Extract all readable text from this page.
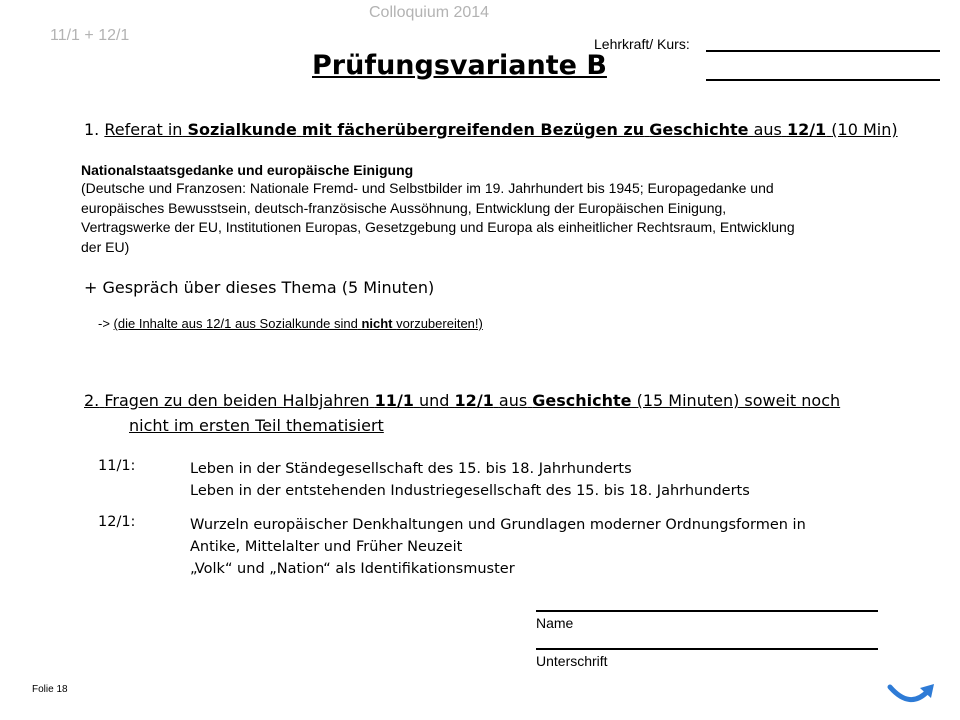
Colloquium 2014
11/1 + 12/1
Prüfungsvariante B
Lehrkraft/ Kurs:
1. Referat in Sozialkunde mit fächerübergreifenden Bezügen zu Geschichte aus 12/1 (10 Min)
Nationalstaatsgedanke und europäische Einigung
(Deutsche und Franzosen: Nationale Fremd- und Selbstbilder im 19. Jahrhundert bis 1945; Europagedanke und
europäisches Bewusstsein, deutsch-französische Aussöhnung, Entwicklung der Europäischen Einigung,
Vertragswerke der EU, Institutionen Europas, Gesetzgebung und Europa als einheitlicher Rechtsraum, Entwicklung
der EU)
+ Gespräch über dieses Thema (5 Minuten)
-> (die Inhalte aus 12/1 aus Sozialkunde sind nicht vorzubereiten!)
2. Fragen zu den beiden Halbjahren 11/1 und 12/1 aus Geschichte (15 Minuten) soweit noch
nicht im ersten Teil thematisiert
11/1:	Leben in der Ständegesellschaft des 15. bis 18. Jahrhunderts
Leben in der entstehenden Industriegesellschaft des 15. bis 18. Jahrhunderts
12/1:	Wurzeln europäischer Denkhaltungen und Grundlagen moderner Ordnungsformen in
Antike, Mittelalter und Früher Neuzeit
„Volk“ und „Nation“ als Identifikationsmuster
Name
Unterschrift
Folie 18
